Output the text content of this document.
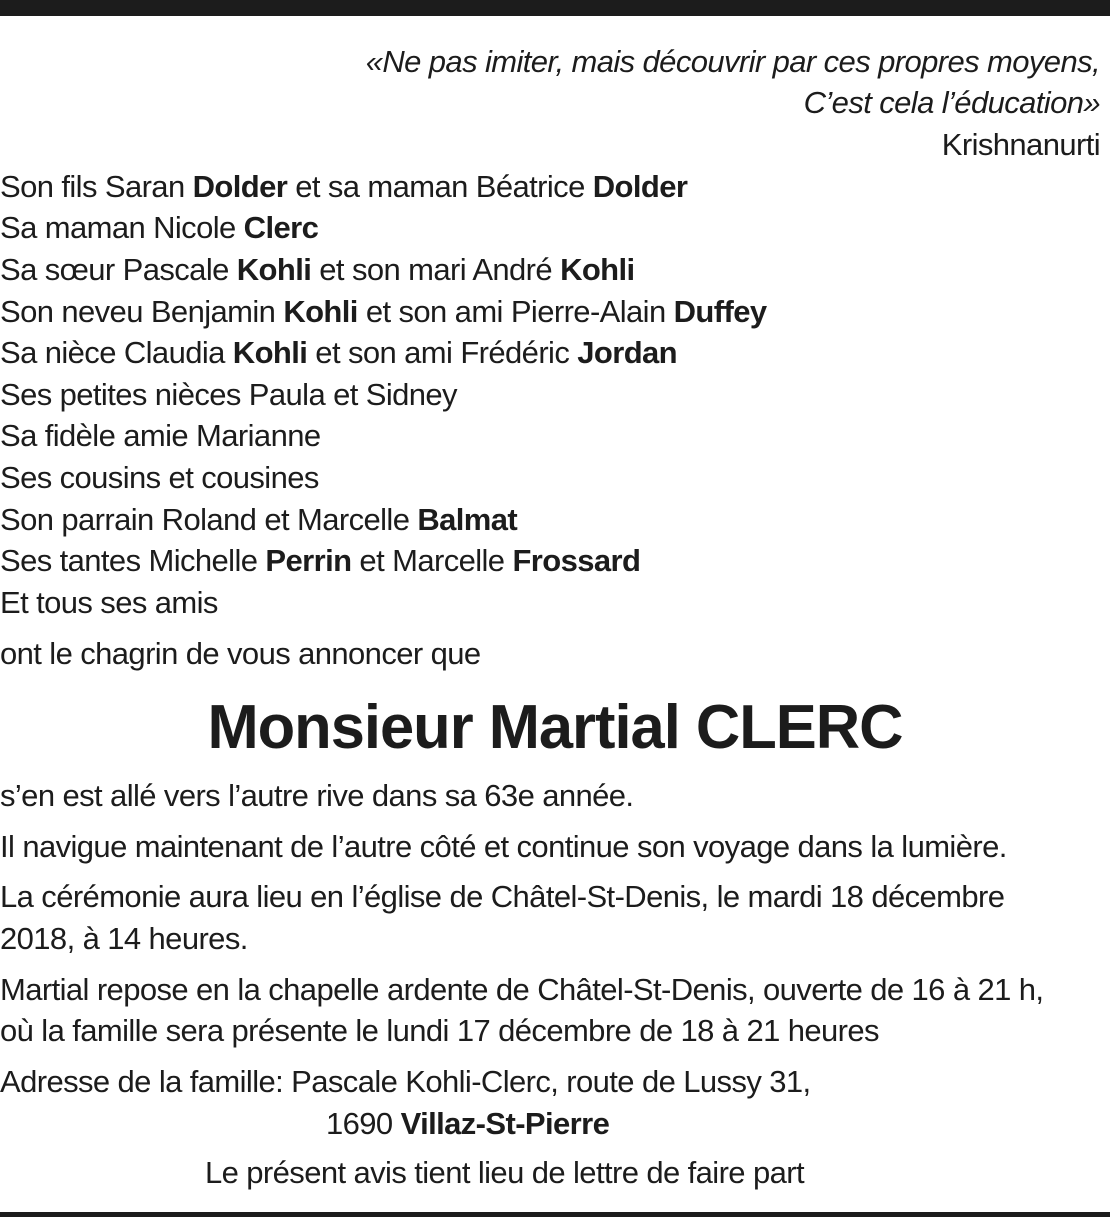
«Ne pas imiter, mais découvrir par ces propres moyens,
C’est cela l’éducation»
Krishnanurti
Son fils Saran Dolder et sa maman Béatrice Dolder
Sa maman Nicole Clerc
Sa sœur Pascale Kohli et son mari André Kohli
Son neveu Benjamin Kohli et son ami Pierre-Alain Duffey
Sa nièce Claudia Kohli et son ami Frédéric Jordan
Ses petites nièces Paula et Sidney
Sa fidèle amie Marianne
Ses cousins et cousines
Son parrain Roland et Marcelle Balmat
Ses tantes Michelle Perrin et Marcelle Frossard
Et tous ses amis
ont le chagrin de vous annoncer que
Monsieur Martial CLERC
s’en est allé vers l’autre rive dans sa 63e année.
Il navigue maintenant de l’autre côté et continue son voyage dans la lumière.
La cérémonie aura lieu en l’église de Châtel-St-Denis, le mardi 18 décembre
2018, à 14 heures.
Martial repose en la chapelle ardente de Châtel-St-Denis, ouverte de 16 à 21 h,
où la famille sera présente le lundi 17 décembre de 18 à 21 heures
Adresse de la famille: Pascale Kohli-Clerc, route de Lussy 31,
1690 Villaz-St-Pierre
Le présent avis tient lieu de lettre de faire part
